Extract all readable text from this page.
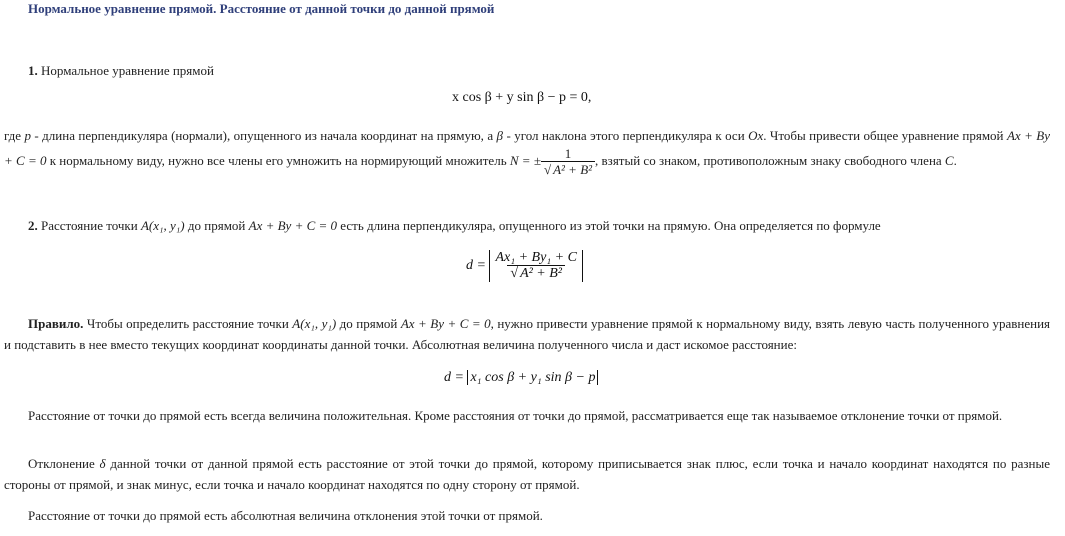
Нормальное уравнение прямой. Расстояние от данной точки до данной прямой

1. Нормальное уравнение прямой

x cos β + y sin β − p = 0,

где p - длина перпендикуляра (нормали), опущенного из начала координат на прямую, а β - угол наклона этого перпендикуляра к оси Ox. Чтобы привести общее уравнение прямой Ax + By + C = 0 к нормальному виду, нужно все члены его умножить на нормирующий множитель N = ± $\frac{1}{\text{√ A² + B²}}$ , взятый со знаком, противоположным знаку свободного члена C.

2. Расстояние точки A(x₁, y₁) до прямой Ax + By + C = 0 есть длина перпендикуляра, опущенного из этой точки на прямую. Она определяется по формуле

$d = \frac{\text{Ax₁ + By₁ + C}}{\text{√ A² + B²}}$

Правило. Чтобы определить расстояние точки A(x₁, y₁) до прямой Ax + By + C = 0, нужно привести уравнение прямой к нормальному виду, взять левую часть полученного уравнения и подставить в нее вместо текущих координат координаты данной точки. Абсолютная величина полученного числа и даст искомое расстояние:

d = x₁ cos β + y₁ sin β − p

Расстояние от точки до прямой есть всегда величина положительная. Кроме расстояния от точки до прямой, рассматривается еще так называемое отклонение точки от прямой.

Отклонение δ данной точки от данной прямой есть расстояние от этой точки до прямой, которому приписывается знак плюс, если точка и начало координат находятся по разные стороны от прямой, и знак минус, если точка и начало координат находятся по одну сторону от прямой.

Расстояние от точки до прямой есть абсолютная величина отклонения этой точки от прямой.
